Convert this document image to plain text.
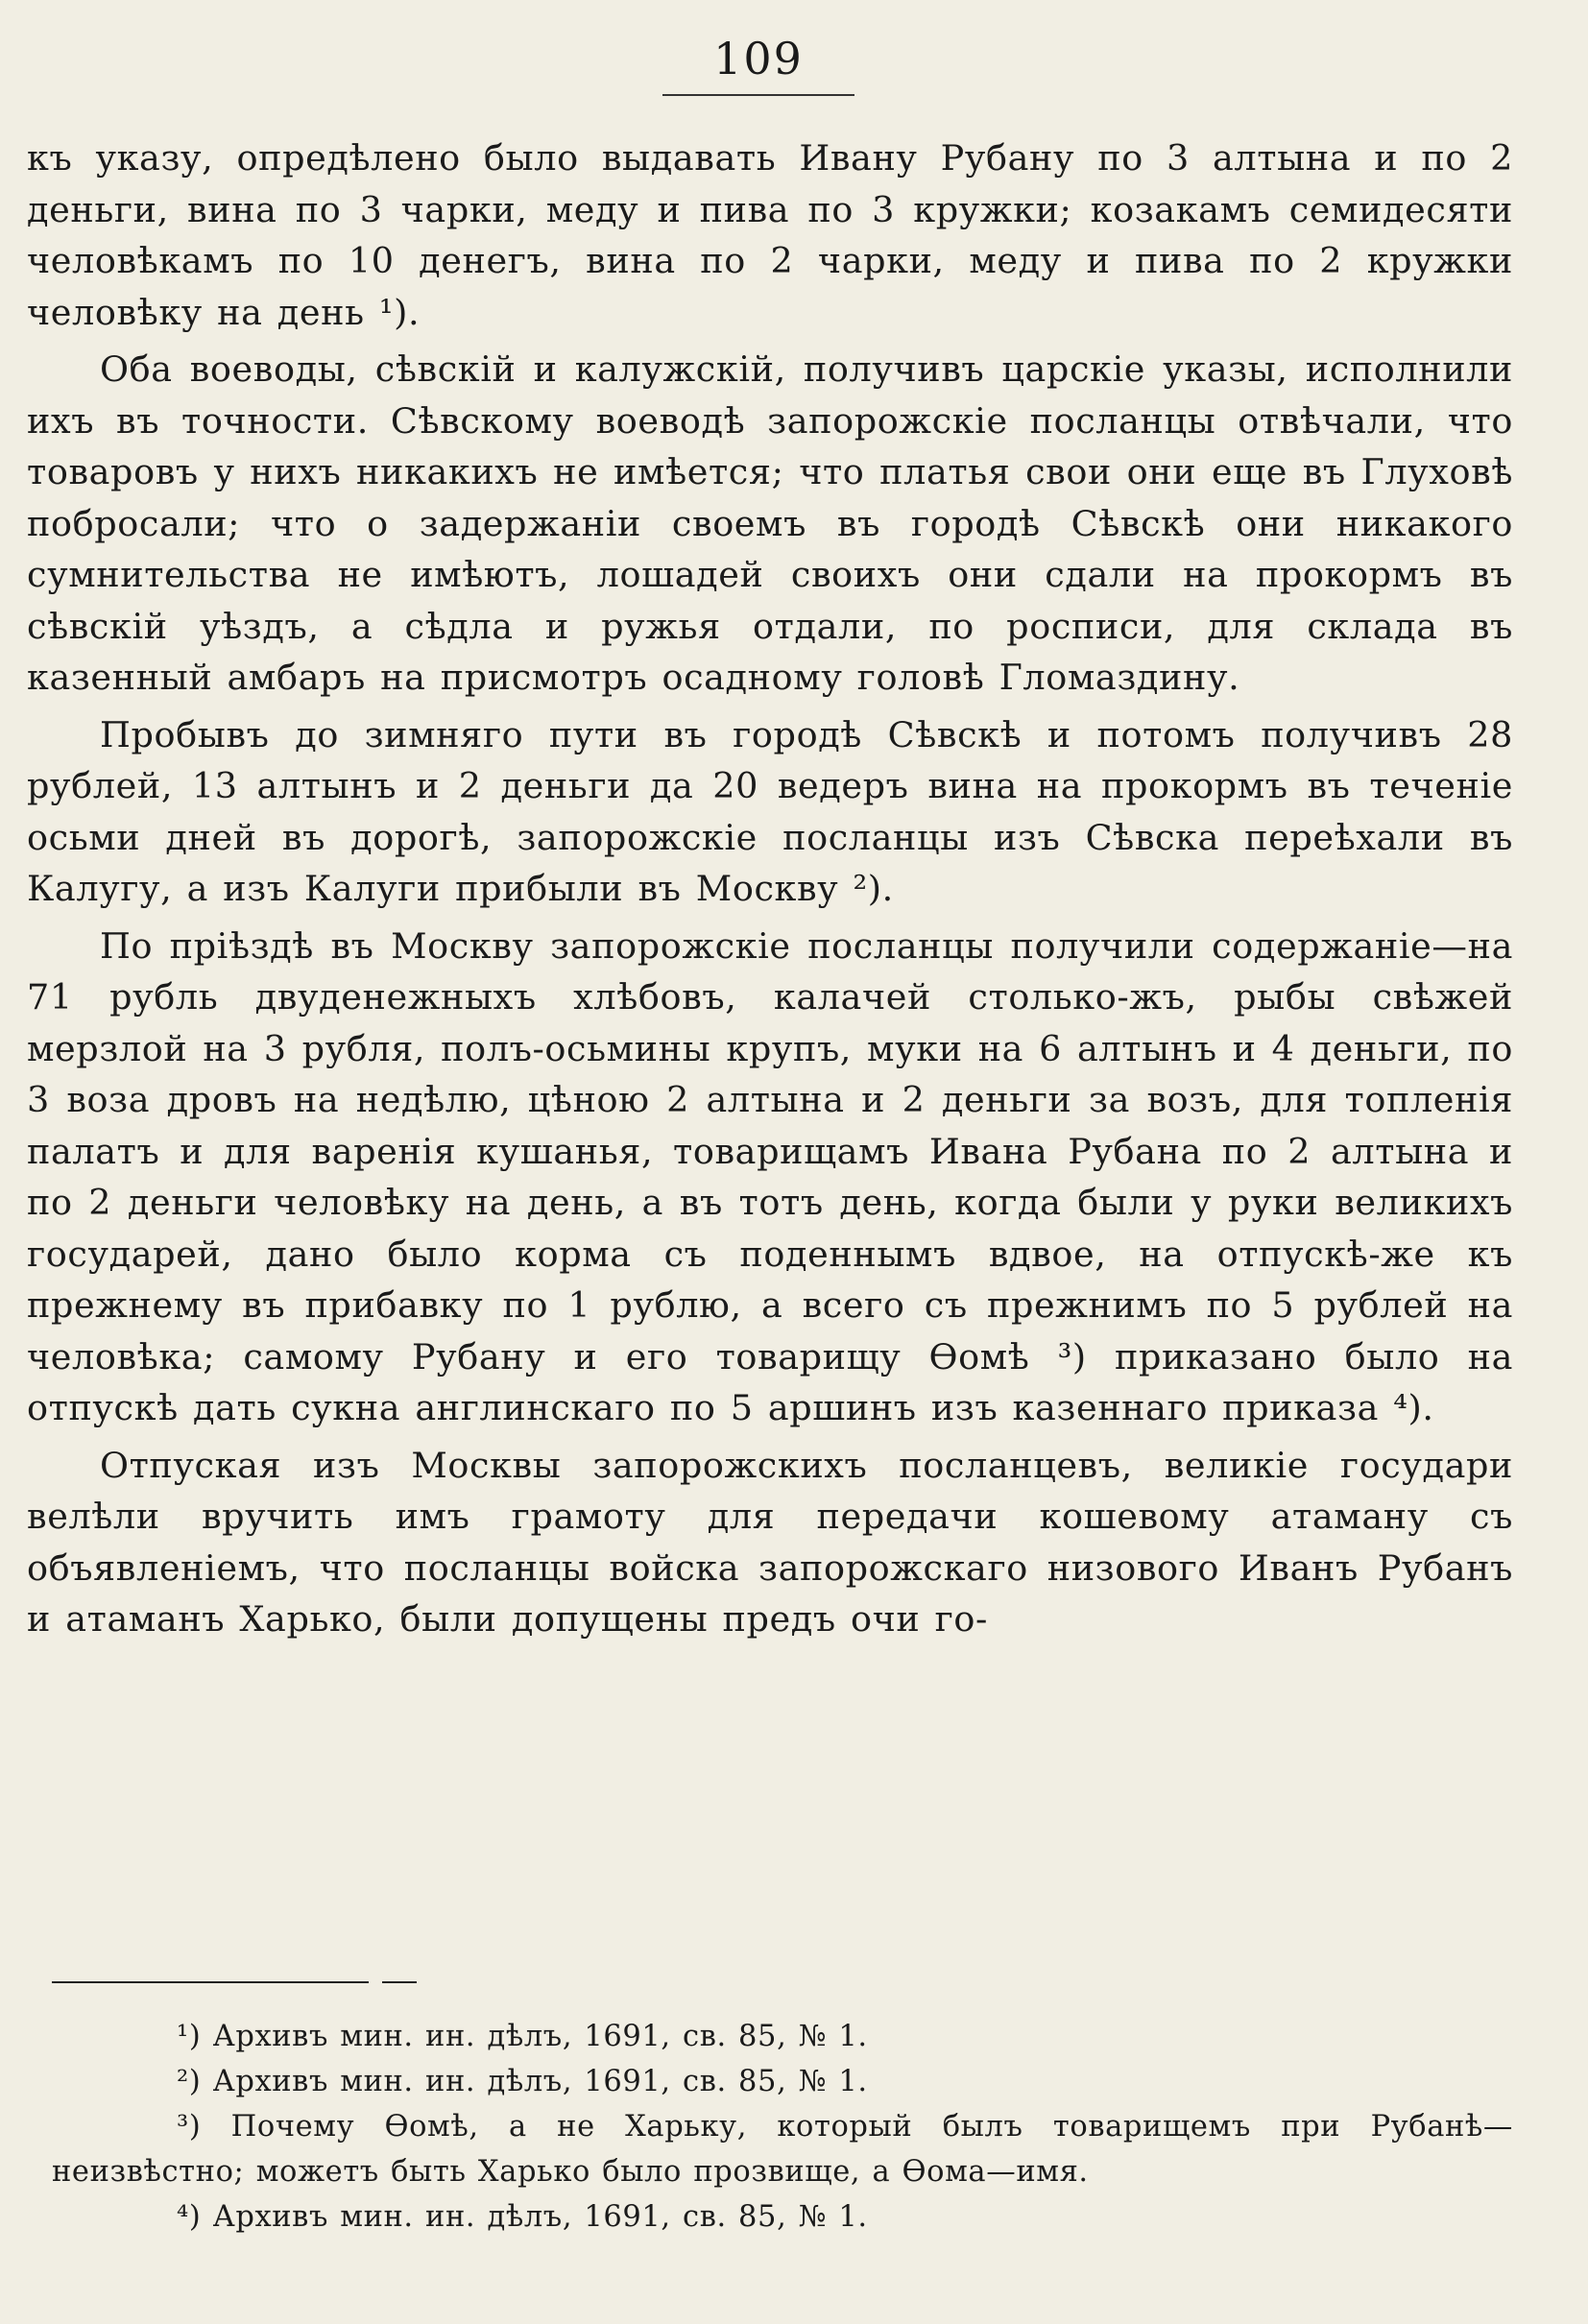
109

къ указу, опредѣлено было выдавать Ивану Рубану по 3 алтына и по 2 деньги, вина по 3 чарки, меду и пива по 3 кружки; козакамъ семидесяти человѣкамъ по 10 денегъ, вина по 2 чарки, меду и пива по 2 кружки человѣку на день ¹).

Оба воеводы, сѣвскій и калужскій, получивъ царскіе указы, исполнили ихъ въ точности. Сѣвскому воеводѣ запорожскіе посланцы отвѣчали, что товаровъ у нихъ никакихъ не имѣется; что платья свои они еще въ Глуховѣ побросали; что о задержаніи своемъ въ городѣ Сѣвскѣ они никакого сумнительства не имѣютъ, лошадей своихъ они сдали на прокормъ въ сѣвскій уѣздъ, а сѣдла и ружья отдали, по росписи, для склада въ казенный амбаръ на присмотръ осадному головѣ Гломаздину.

Пробывъ до зимняго пути въ городѣ Сѣвскѣ и потомъ получивъ 28 рублей, 13 алтынъ и 2 деньги да 20 ведеръ вина на прокормъ въ теченіе осьми дней въ дорогѣ, запорожскіе посланцы изъ Сѣвска переѣхали въ Калугу, а изъ Калуги прибыли въ Москву ²).

По пріѣздѣ въ Москву запорожскіе посланцы получили содержаніе—на 71 рубль двуденежныхъ хлѣбовъ, калачей столько-жъ, рыбы свѣжей мерзлой на 3 рубля, полъ-осьмины крупъ, муки на 6 алтынъ и 4 деньги, по 3 воза дровъ на недѣлю, цѣною 2 алтына и 2 деньги за возъ, для топленія палатъ и для варенія кушанья, товарищамъ Ивана Рубана по 2 алтына и по 2 деньги человѣку на день, а въ тотъ день, когда были у руки великихъ государей, дано было корма съ поденнымъ вдвое, на отпускѣ-же къ прежнему въ прибавку по 1 рублю, а всего съ прежнимъ по 5 рублей на человѣка; самому Рубану и его товарищу Ѳомѣ ³) приказано было на отпускѣ дать сукна англинскаго по 5 аршинъ изъ казеннаго приказа ⁴).

Отпуская изъ Москвы запорожскихъ посланцевъ, великіе государи велѣли вручить имъ грамоту для передачи кошевому атаману съ объявленіемъ, что посланцы войска запорожскаго низового Иванъ Рубанъ и атаманъ Харько, были допущены предъ очи го-

¹) Архивъ мин. ин. дѣлъ, 1691, св. 85, № 1.

²) Архивъ мин. ин. дѣлъ, 1691, св. 85, № 1.

³) Почему Ѳомѣ, а не Харьку, который былъ товарищемъ при Рубанѣ—неизвѣстно; можетъ быть Харько было прозвище, а Ѳома—имя.

⁴) Архивъ мин. ин. дѣлъ, 1691, св. 85, № 1.
